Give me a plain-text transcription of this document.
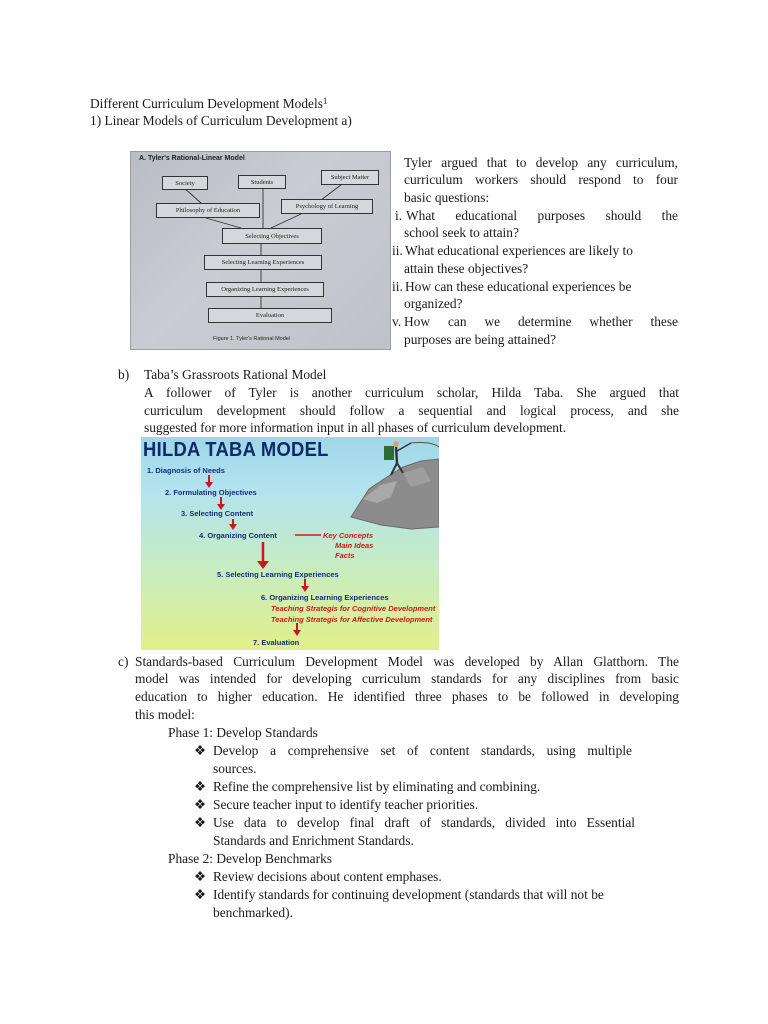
Different Curriculum Development Models$^1$
1) Linear Models of Curriculum Development a)
A. Tyler's Rational-Linear Model
Society	Students
Subject Matter
Philosophy of Education
Psychology of Learning
Selecting Objectives
Selecting Learning Experiences
Organizing Learning Experiences
Evaluation
Figure 1. Tyler's Rational Model
Tyler argued that to develop any curriculum,
curriculum workers should respond to four
basic questions:
i. What educational purposes should the
school seek to attain?
ii. What educational experiences are likely to
attain these objectives?
ii. How can these educational experiences be
organized?
v. How can we determine whether these
purposes are being attained?
b) Taba’s Grassroots Rational Model
A follower of Tyler is another curriculum scholar, Hilda Taba. She argued that
curriculum development should follow a sequential and logical process, and she
suggested for more information input in all phases of curriculum development.
HILDA TABA MODEL
1. Diagnosis of Needs
2. Formulating Objectives
3. Selecting Content
4. Organizing Content	Key Concepts
Main Ideas
Facts
5. Selecting Learning Experiences
6. Organizing Learning Experiences
Teaching Strategis for Cognitive Development
Teaching Strategis for Affective Development
7. Evaluation
c) Standards-based Curriculum Development Model was developed by Allan Glatthorn. The
model was intended for developing curriculum standards for any disciplines from basic
education to higher education. He identified three phases to be followed in developing
this model:
Phase 1: Develop Standards
❖ Develop a comprehensive set of content standards, using multiple
sources.
❖ Refine the comprehensive list by eliminating and combining.
❖ Secure teacher input to identify teacher priorities.
❖ Use data to develop final draft of standards, divided into Essential
Standards and Enrichment Standards.
Phase 2: Develop Benchmarks
❖ Review decisions about content emphases.
❖ Identify standards for continuing development (standards that will not be
benchmarked).
